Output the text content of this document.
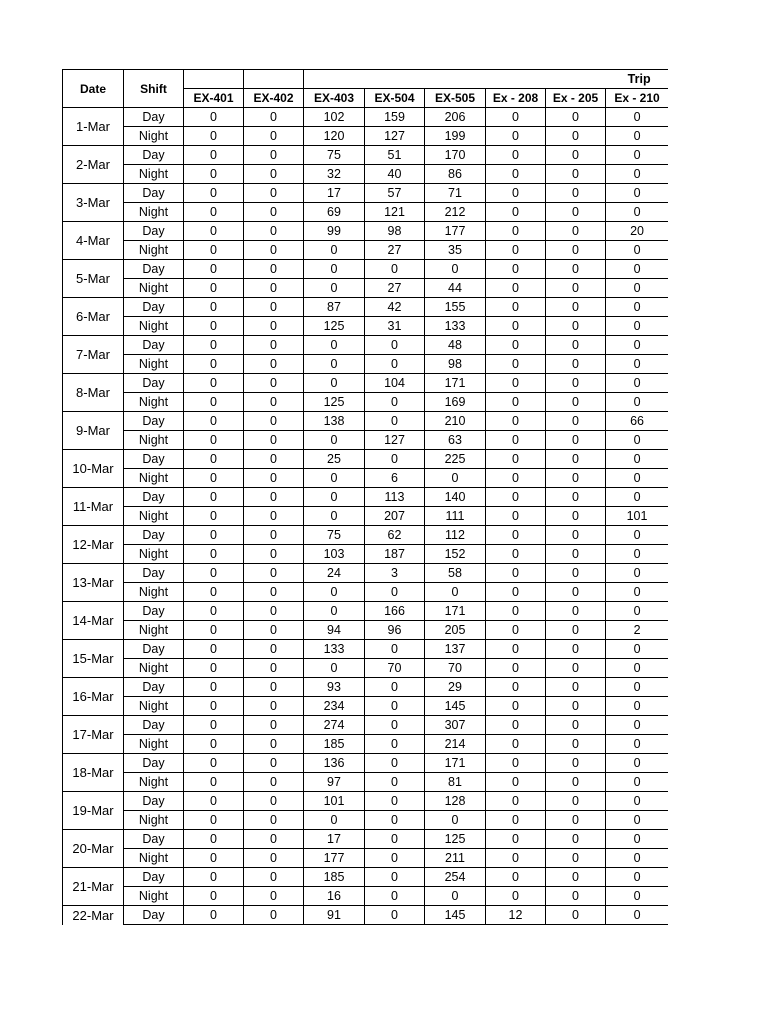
Date	Shift			Trip					
		EX-401	EX-402	EX-403	EX-504	EX-505	Ex - 208	Ex - 205	Ex - 210
1-Mar	Day	0	0	102	159	206	0	0	0
	Night	0	0	120	127	199	0	0	0
2-Mar	Day	0	0	75	51	170	0	0	0
	Night	0	0	32	40	86	0	0	0
3-Mar	Day	0	0	17	57	71	0	0	0
	Night	0	0	69	121	212	0	0	0
4-Mar	Day	0	0	99	98	177	0	0	20
	Night	0	0	0	27	35	0	0	0
5-Mar	Day	0	0	0	0	0	0	0	0
	Night	0	0	0	27	44	0	0	0
6-Mar	Day	0	0	87	42	155	0	0	0
	Night	0	0	125	31	133	0	0	0
7-Mar	Day	0	0	0	0	48	0	0	0
	Night	0	0	0	0	98	0	0	0
8-Mar	Day	0	0	0	104	171	0	0	0
	Night	0	0	125	0	169	0	0	0
9-Mar	Day	0	0	138	0	210	0	0	66
	Night	0	0	0	127	63	0	0	0
10-Mar	Day	0	0	25	0	225	0	0	0
	Night	0	0	0	6	0	0	0	0
11-Mar	Day	0	0	0	113	140	0	0	0
	Night	0	0	0	207	111	0	0	101
12-Mar	Day	0	0	75	62	112	0	0	0
	Night	0	0	103	187	152	0	0	0
13-Mar	Day	0	0	24	3	58	0	0	0
	Night	0	0	0	0	0	0	0	0
14-Mar	Day	0	0	0	166	171	0	0	0
	Night	0	0	94	96	205	0	0	2
15-Mar	Day	0	0	133	0	137	0	0	0
	Night	0	0	0	70	70	0	0	0
16-Mar	Day	0	0	93	0	29	0	0	0
	Night	0	0	234	0	145	0	0	0
17-Mar	Day	0	0	274	0	307	0	0	0
	Night	0	0	185	0	214	0	0	0
18-Mar	Day	0	0	136	0	171	0	0	0
	Night	0	0	97	0	81	0	0	0
19-Mar	Day	0	0	101	0	128	0	0	0
	Night	0	0	0	0	0	0	0	0
20-Mar	Day	0	0	17	0	125	0	0	0
	Night	0	0	177	0	211	0	0	0
21-Mar	Day	0	0	185	0	254	0	0	0
	Night	0	0	16	0	0	0	0	0
22-Mar	Day	0	0	91	0	145	12	0	0
